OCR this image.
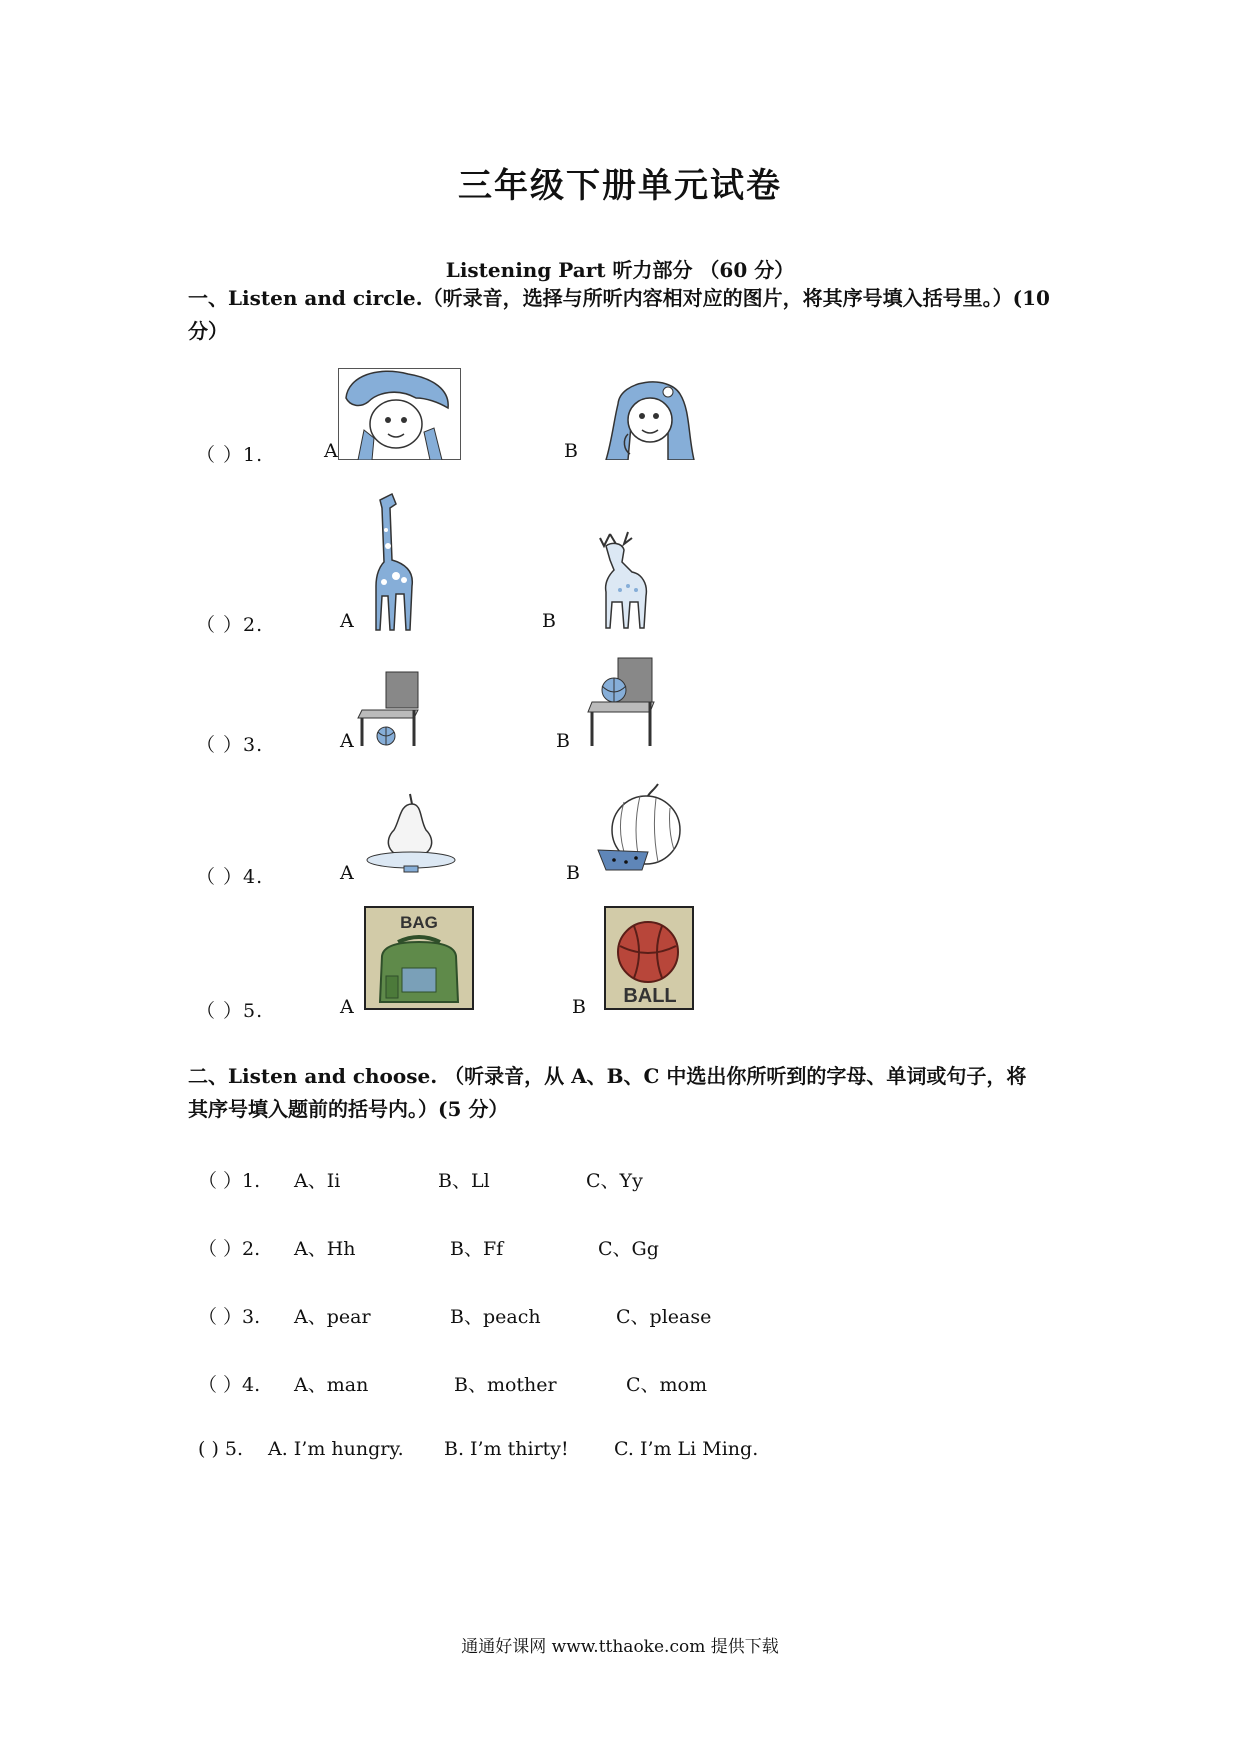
三年级下册单元试卷
Listening Part 听力部分 （60 分）
一、Listen and circle.（听录音，选择与所听内容相对应的图片，将其序号填入括号里。）(10
分）
（ ）1.	A	B
（ ）2.	A	B
（ ）3.	A	B
（ ）4.	A	B
（ ）5.	A
BAG
B BALL
二、Listen and choose. （听录音，从 A、B、C 中选出你所听到的字母、单词或句子，将
其序号填入题前的括号内。）(5 分）
（ ）1. A、Ii	B、Ll	C、Yy
（ ）2. A、Hh	B、Ff	C、Gg
（ ）3. A、pear	B、peach	C、please
（ ）4. A、man	B、mother	C、mom
( ) 5. A. I’m hungry. B. I’m thirty! C. I’m Li Ming.
通通好课网 www.tthaoke.com 提供下载
